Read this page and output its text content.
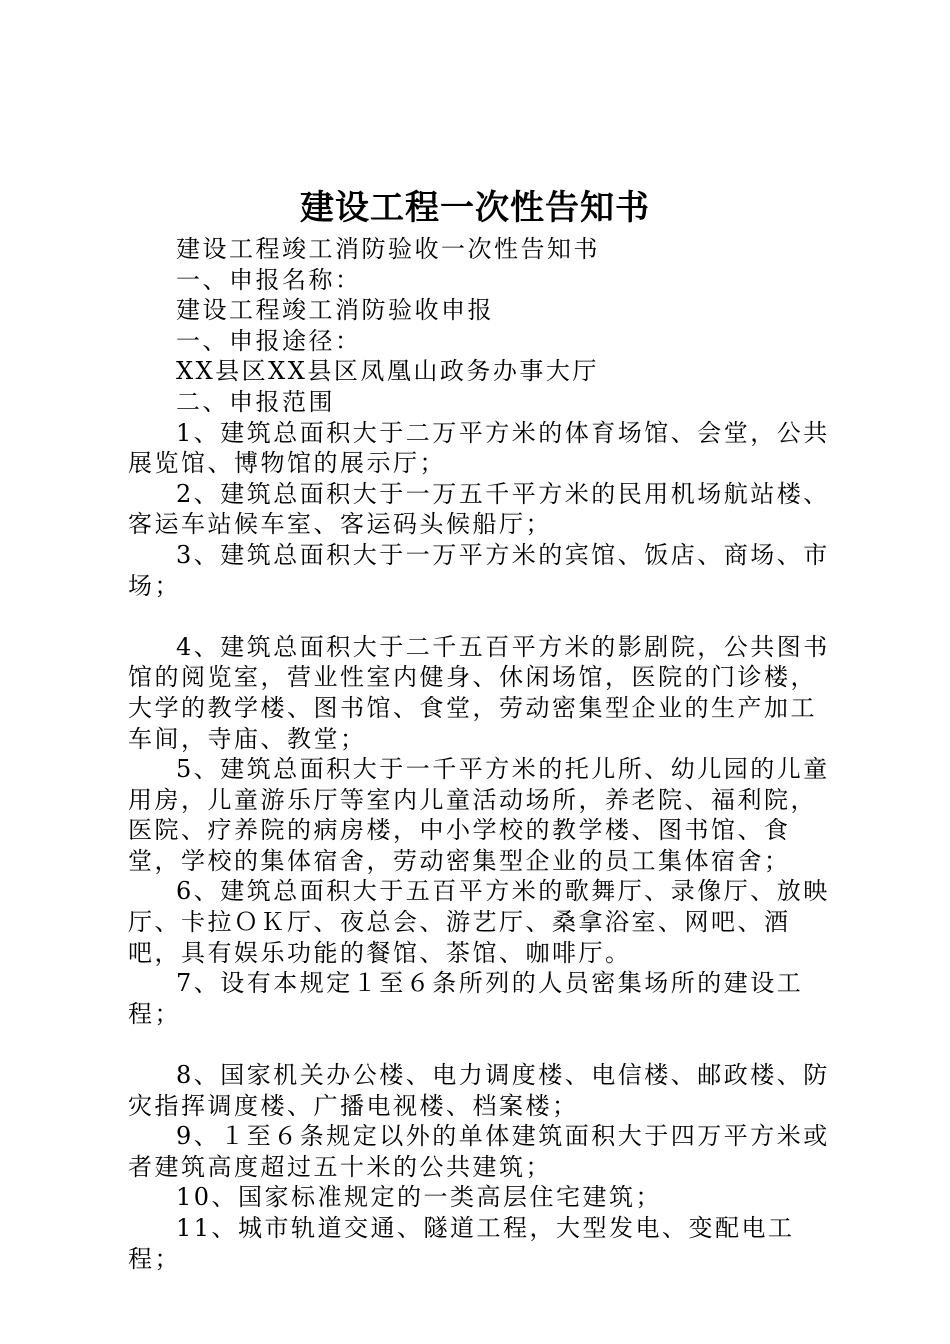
建设工程一次性告知书

建设工程竣工消防验收一次性告知书

一、申报名称：

建设工程竣工消防验收申报

一、申报途径：

XX县区XX县区凤凰山政务办事大厅

二、申报范围

1、建筑总面积大于二万平方米的体育场馆、会堂，公共展览馆、博物馆的展示厅；

2、建筑总面积大于一万五千平方米的民用机场航站楼、客运车站候车室、客运码头候船厅；

3、建筑总面积大于一万平方米的宾馆、饭店、商场、市场；

4、建筑总面积大于二千五百平方米的影剧院，公共图书馆的阅览室，营业性室内健身、休闲场馆，医院的门诊楼，大学的教学楼、图书馆、食堂，劳动密集型企业的生产加工车间，寺庙、教堂；

5、建筑总面积大于一千平方米的托儿所、幼儿园的儿童用房，儿童游乐厅等室内儿童活动场所，养老院、福利院，医院、疗养院的病房楼，中小学校的教学楼、图书馆、食堂，学校的集体宿舍，劳动密集型企业的员工集体宿舍；

6、建筑总面积大于五百平方米的歌舞厅、录像厅、放映厅、卡拉ＯＫ厅、夜总会、游艺厅、桑拿浴室、网吧、酒吧，具有娱乐功能的餐馆、茶馆、咖啡厅。

7、设有本规定１至６条所列的人员密集场所的建设工程；

8、国家机关办公楼、电力调度楼、电信楼、邮政楼、防灾指挥调度楼、广播电视楼、档案楼；

9、１至６条规定以外的单体建筑面积大于四万平方米或者建筑高度超过五十米的公共建筑；

10、国家标准规定的一类高层住宅建筑；

11、城市轨道交通、隧道工程，大型发电、变配电工程；
